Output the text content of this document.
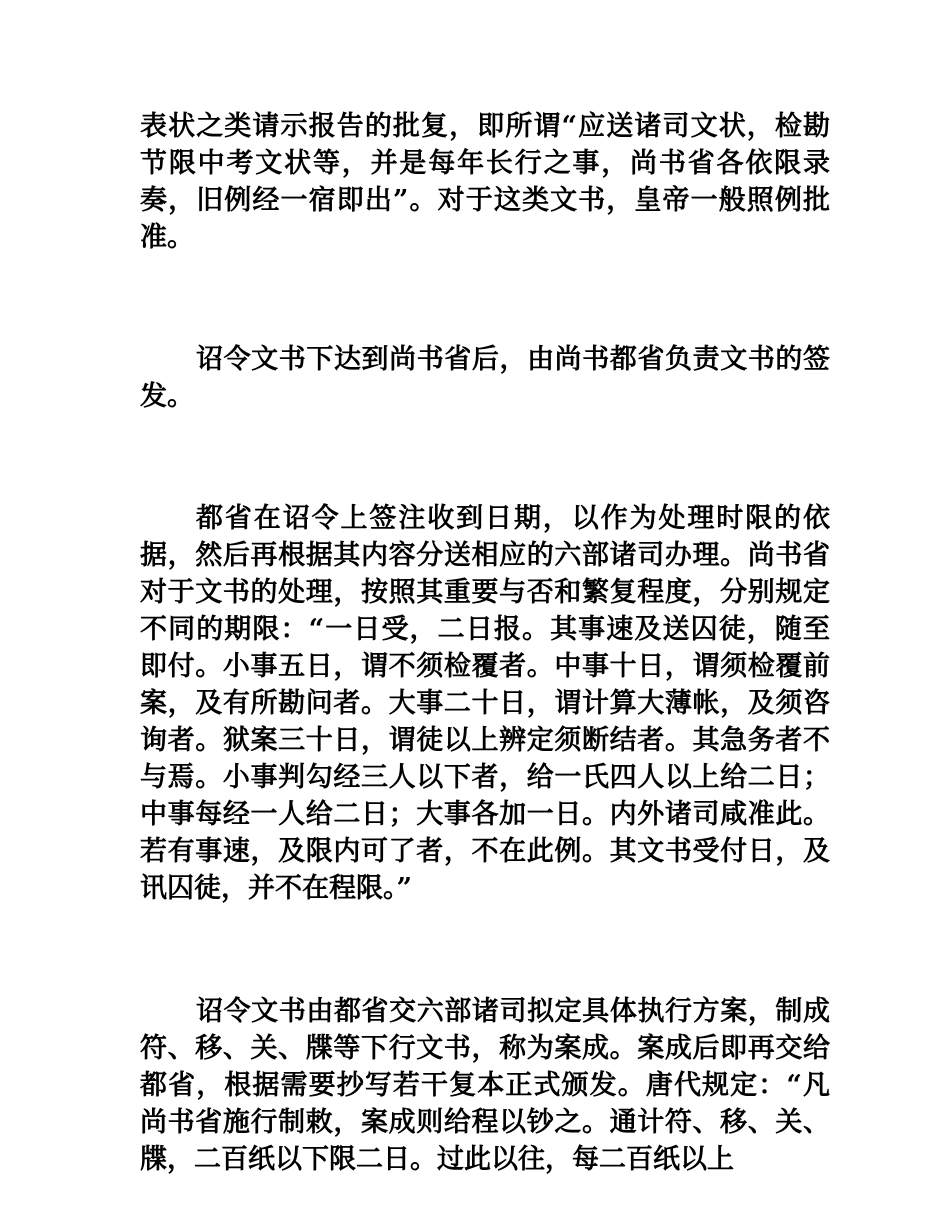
表状之类请示报告的批复，即所谓“应送诸司文状，检勘节限中考文状等，并是每年长行之事，尚书省各依限录奏，旧例经一宿即出”。对于这类文书，皇帝一般照例批准。

诏令文书下达到尚书省后，由尚书都省负责文书的签发。

都省在诏令上签注收到日期，以作为处理时限的依据，然后再根据其内容分送相应的六部诸司办理。尚书省对于文书的处理，按照其重要与否和繁复程度，分别规定不同的期限：“一日受，二日报。其事速及送囚徒，随至即付。小事五日，谓不须检覆者。中事十日，谓须检覆前案，及有所勘问者。大事二十日，谓计算大薄帐，及须咨询者。狱案三十日，谓徒以上辨定须断结者。其急务者不与焉。小事判勾经三人以下者，给一氏四人以上给二日；中事每经一人给二日；大事各加一日。内外诸司咸准此。若有事速，及限内可了者，不在此例。其文书受付日，及讯囚徒，并不在程限。”

诏令文书由都省交六部诸司拟定具体执行方案，制成符、移、关、牒等下行文书，称为案成。案成后即再交给都省，根据需要抄写若干复本正式颁发。唐代规定：“凡尚书省施行制敕，案成则给程以钞之。通计符、移、关、牒，二百纸以下限二日。过此以往，每二百纸以上
